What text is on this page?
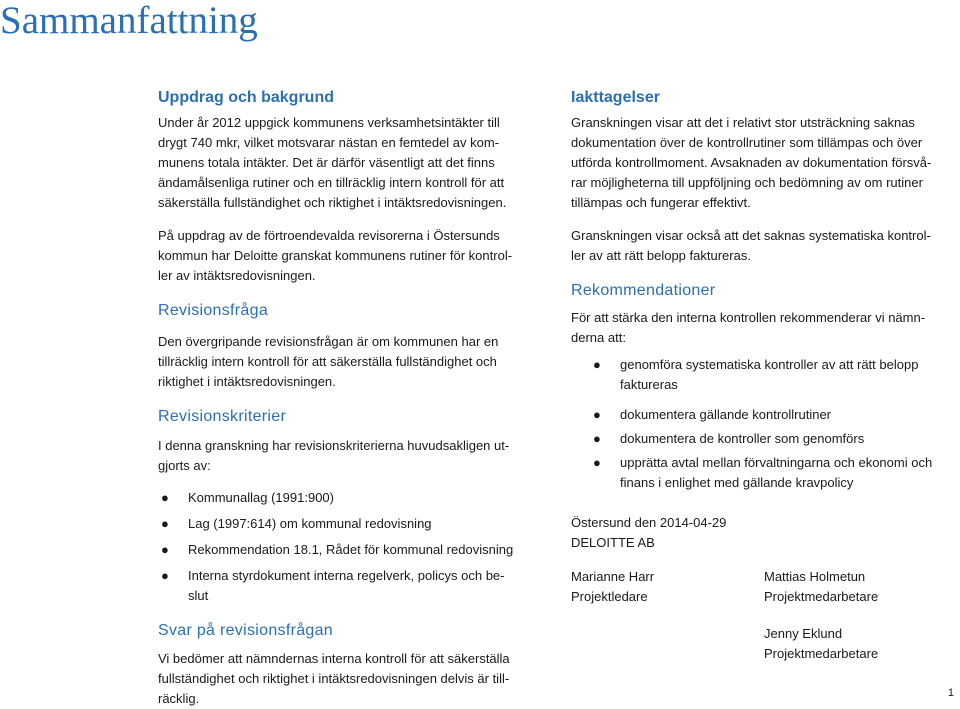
Sammanfattning
Uppdrag och bakgrund

Under år 2012 uppgick kommunens verksamhetsintäkter till
drygt 740 mkr, vilket motsvarar nästan en femtedel av kom-
munens totala intäkter. Det är därför väsentligt att det finns
ändamålsenliga rutiner och en tillräcklig intern kontroll för att
säkerställa fullständighet och riktighet i intäktsredovisningen.

På uppdrag av de förtroendevalda revisorerna i Östersunds
kommun har Deloitte granskat kommunens rutiner för kontrol-
ler av intäktsredovisningen.

Revisionsfråga

Den övergripande revisionsfrågan är om kommunen har en
tillräcklig intern kontroll för att säkerställa fullständighet och
riktighet i intäktsredovisningen.

Revisionskriterier

I denna granskning har revisionskriterierna huvudsakligen ut-
gjorts av:

● Kommunallag (1991:900)
● Lag (1997:614) om kommunal redovisning
● Rekommendation 18.1, Rådet för kommunal redovisning
● Interna styrdokument interna regelverk, policys och be-
slut
Svar på revisionsfrågan

Vi bedömer att nämndernas interna kontroll för att säkerställa
fullständighet och riktighet i intäktsredovisningen delvis är till-
räcklig.

Iakttagelser

Granskningen visar att det i relativt stor utsträckning saknas
dokumentation över de kontrollrutiner som tillämpas och över
utförda kontrollmoment. Avsaknaden av dokumentation försvå-
rar möjligheterna till uppföljning och bedömning av om rutiner
tillämpas och fungerar effektivt.

Granskningen visar också att det saknas systematiska kontrol-
ler av att rätt belopp faktureras.

Rekommendationer

För att stärka den interna kontrollen rekommenderar vi nämn-
derna att:

● genomföra systematiska kontroller av att rätt belopp
faktureras
● dokumentera gällande kontrollrutiner
● dokumentera de kontroller som genomförs
● upprätta avtal mellan förvaltningarna och ekonomi och
finans i enlighet med gällande kravpolicy

Östersund den 2014-04-29

DELOITTE AB

Marianne Harr
Projektledare
Mattias Holmetun
Projektmedarbetare
Jenny Eklund
Projektmedarbetare
1
